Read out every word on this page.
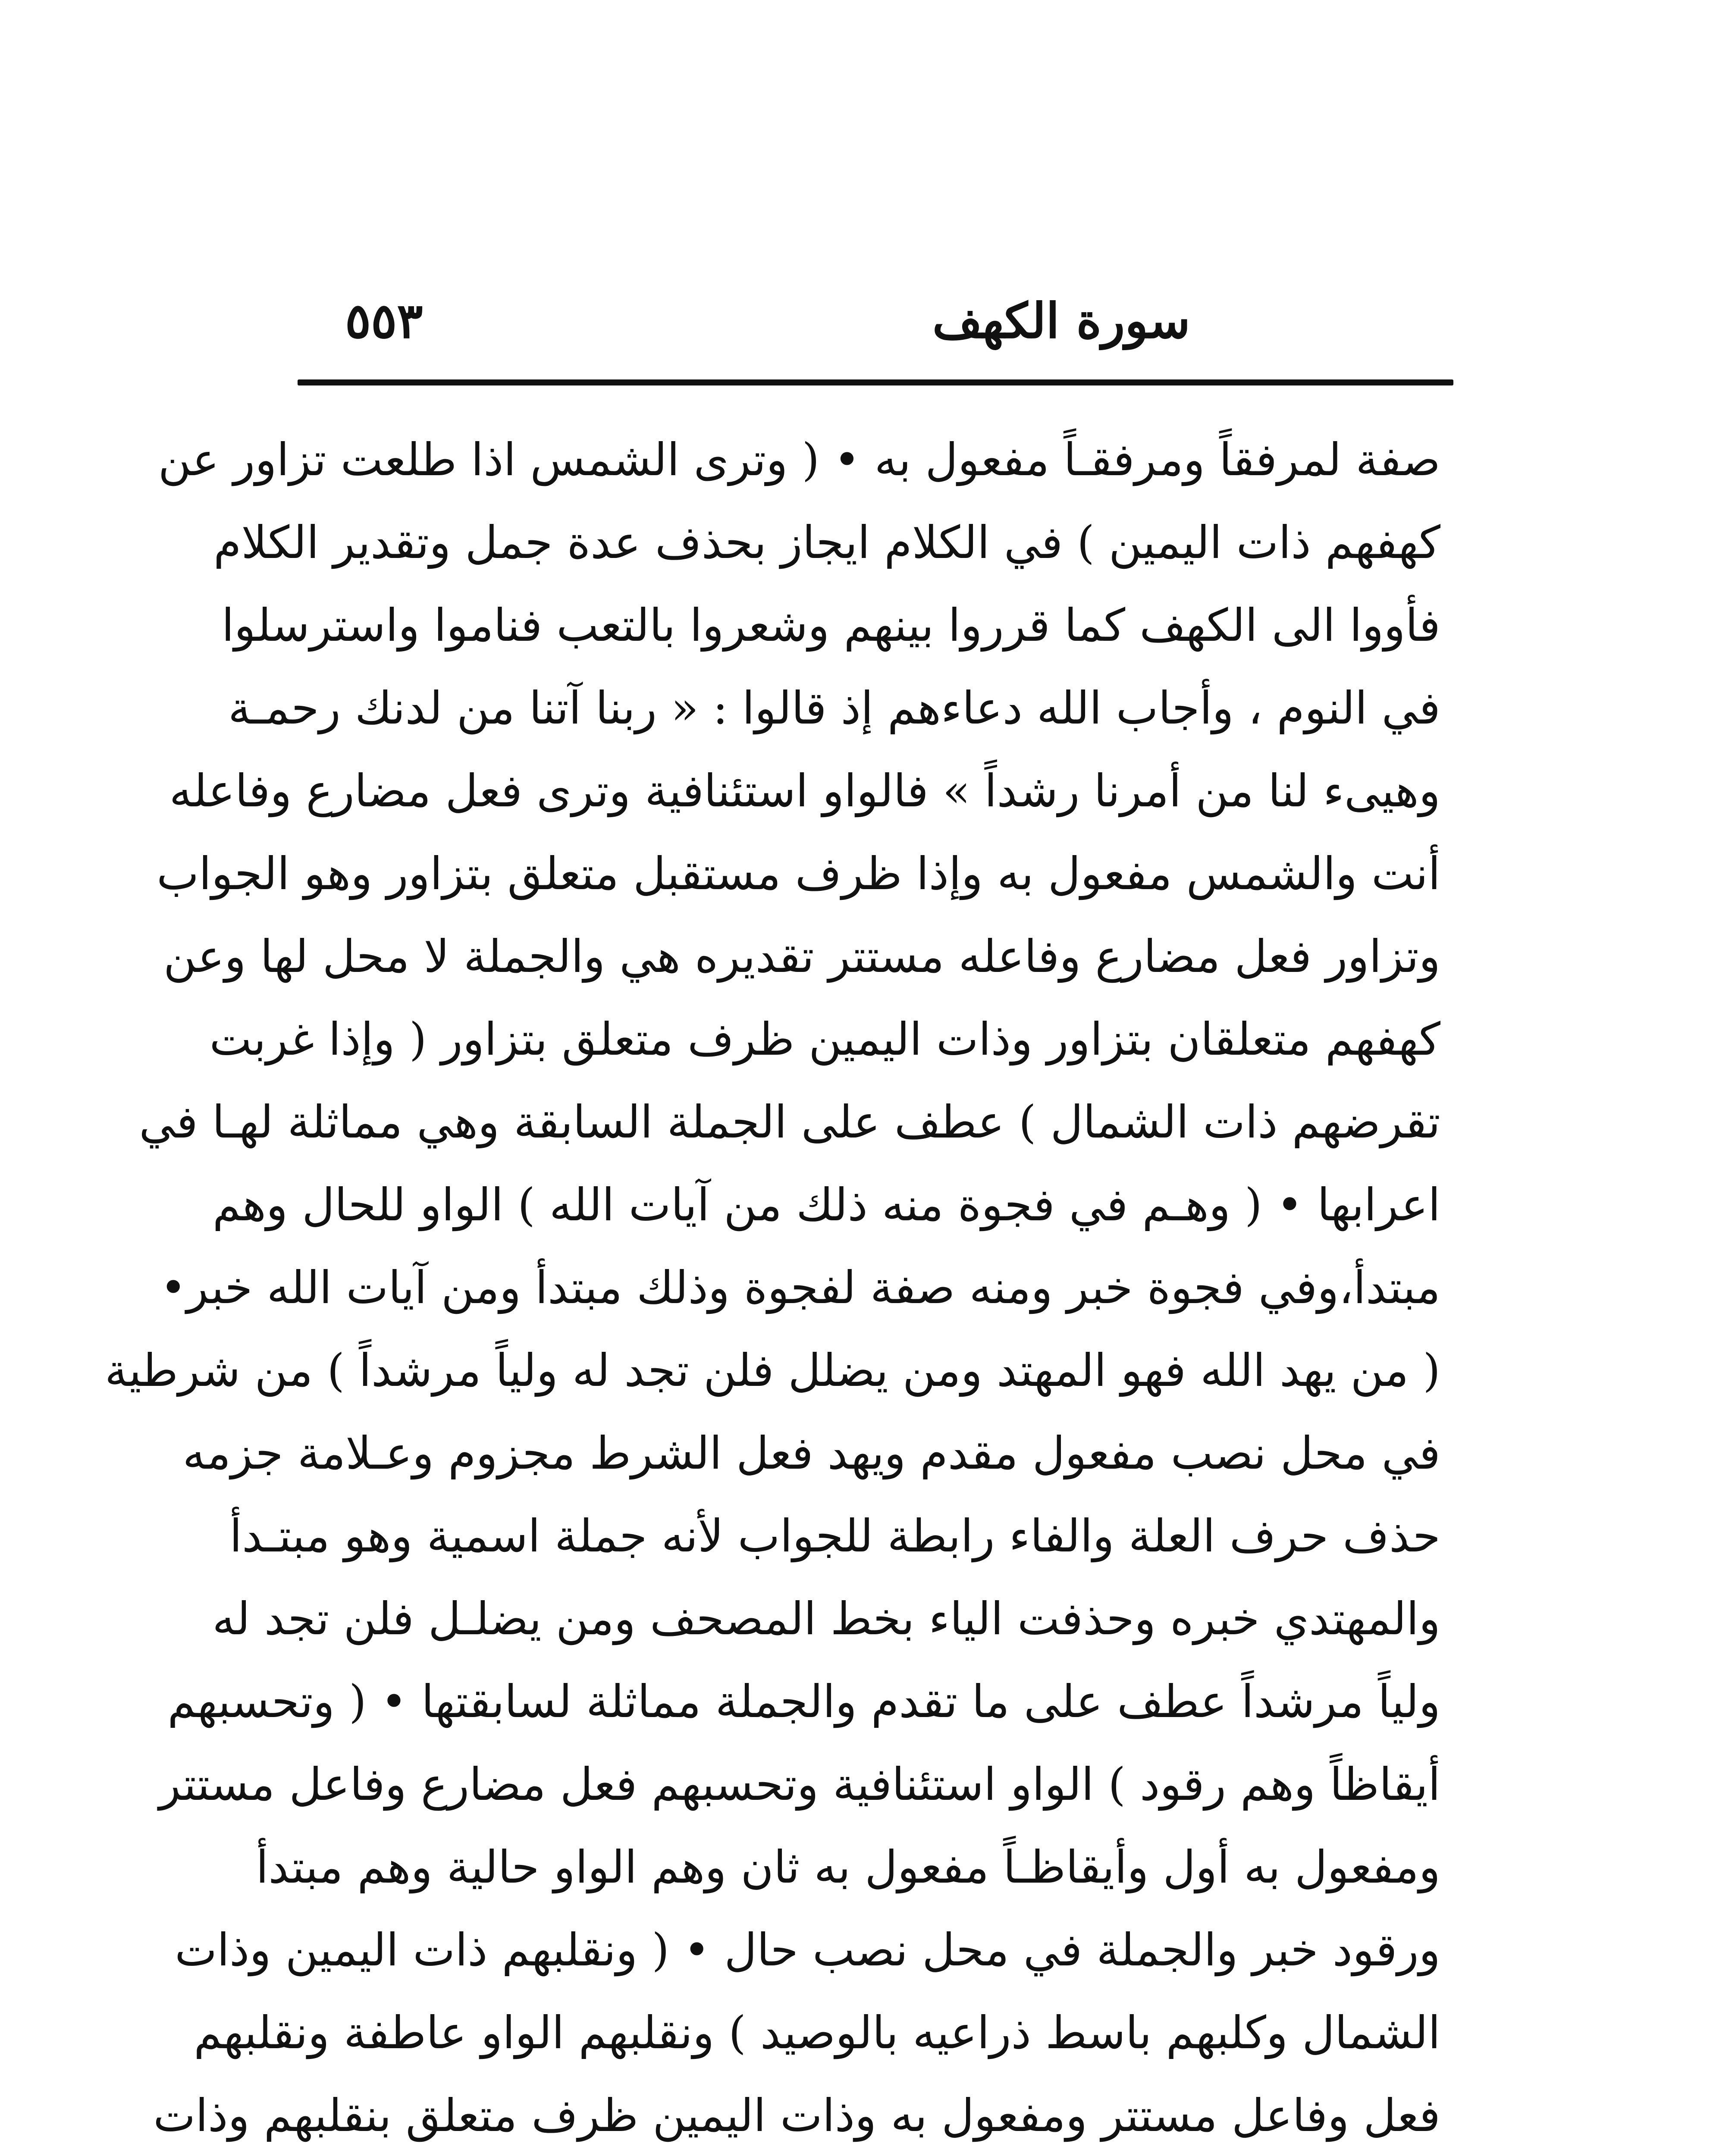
سورة الكهف
٥٥٣
صفة لمرفقاً ومرفقـاً مفعول به • ( وترى الشمس اذا طلعت تزاور عن
كهفهم ذات اليمين ) في الكلام ايجاز بحذف عدة جمل وتقدير الكلام
فأووا الى الكهف كما قرروا بينهم وشعروا بالتعب فناموا واسترسلوا
في النوم ، وأجاب الله دعاءهم إذ قالوا : « ربنا آتنا من لدنك رحمـة
وهيىء لنا من أمرنا رشداً » فالواو استئنافية وترى فعل مضارع وفاعله
أنت والشمس مفعول به وإذا ظرف مستقبل متعلق بتزاور وهو الجواب
وتزاور فعل مضارع وفاعله مستتر تقديره هي والجملة لا محل لها وعن
كهفهم متعلقان بتزاور وذات اليمين ظرف متعلق بتزاور ( وإذا غربت
تقرضهم ذات الشمال ) عطف على الجملة السابقة وهي مماثلة لهـا في
اعرابها • ( وهـم في فجوة منه ذلك من آيات الله ) الواو للحال وهم
مبتدأ،وفي فجوة خبر ومنه صفة لفجوة وذلك مبتدأ ومن آيات الله خبر•
( من يهد الله فهو المهتد ومن يضلل فلن تجد له ولياً مرشداً ) من شرطية
في محل نصب مفعول مقدم ويهد فعل الشرط مجزوم وعـلامة جزمه
حذف حرف العلة والفاء رابطة للجواب لأنه جملة اسمية وهو مبتـدأ
والمهتدي خبره وحذفت الياء بخط المصحف ومن يضلـل فلن تجد له
ولياً مرشداً عطف على ما تقدم والجملة مماثلة لسابقتها • ( وتحسبهم
أيقاظاً وهم رقود ) الواو استئنافية وتحسبهم فعل مضارع وفاعل مستتر
ومفعول به أول وأيقاظـاً مفعول به ثان وهم الواو حالية وهم مبتدأ
ورقود خبر والجملة في محل نصب حال • ( ونقلبهم ذات اليمين وذات
الشمال وكلبهم باسط ذراعيه بالوصيد ) ونقلبهم الواو عاطفة ونقلبهم
فعل وفاعل مستتر ومفعول به وذات اليمين ظرف متعلق بنقلبهم وذات
